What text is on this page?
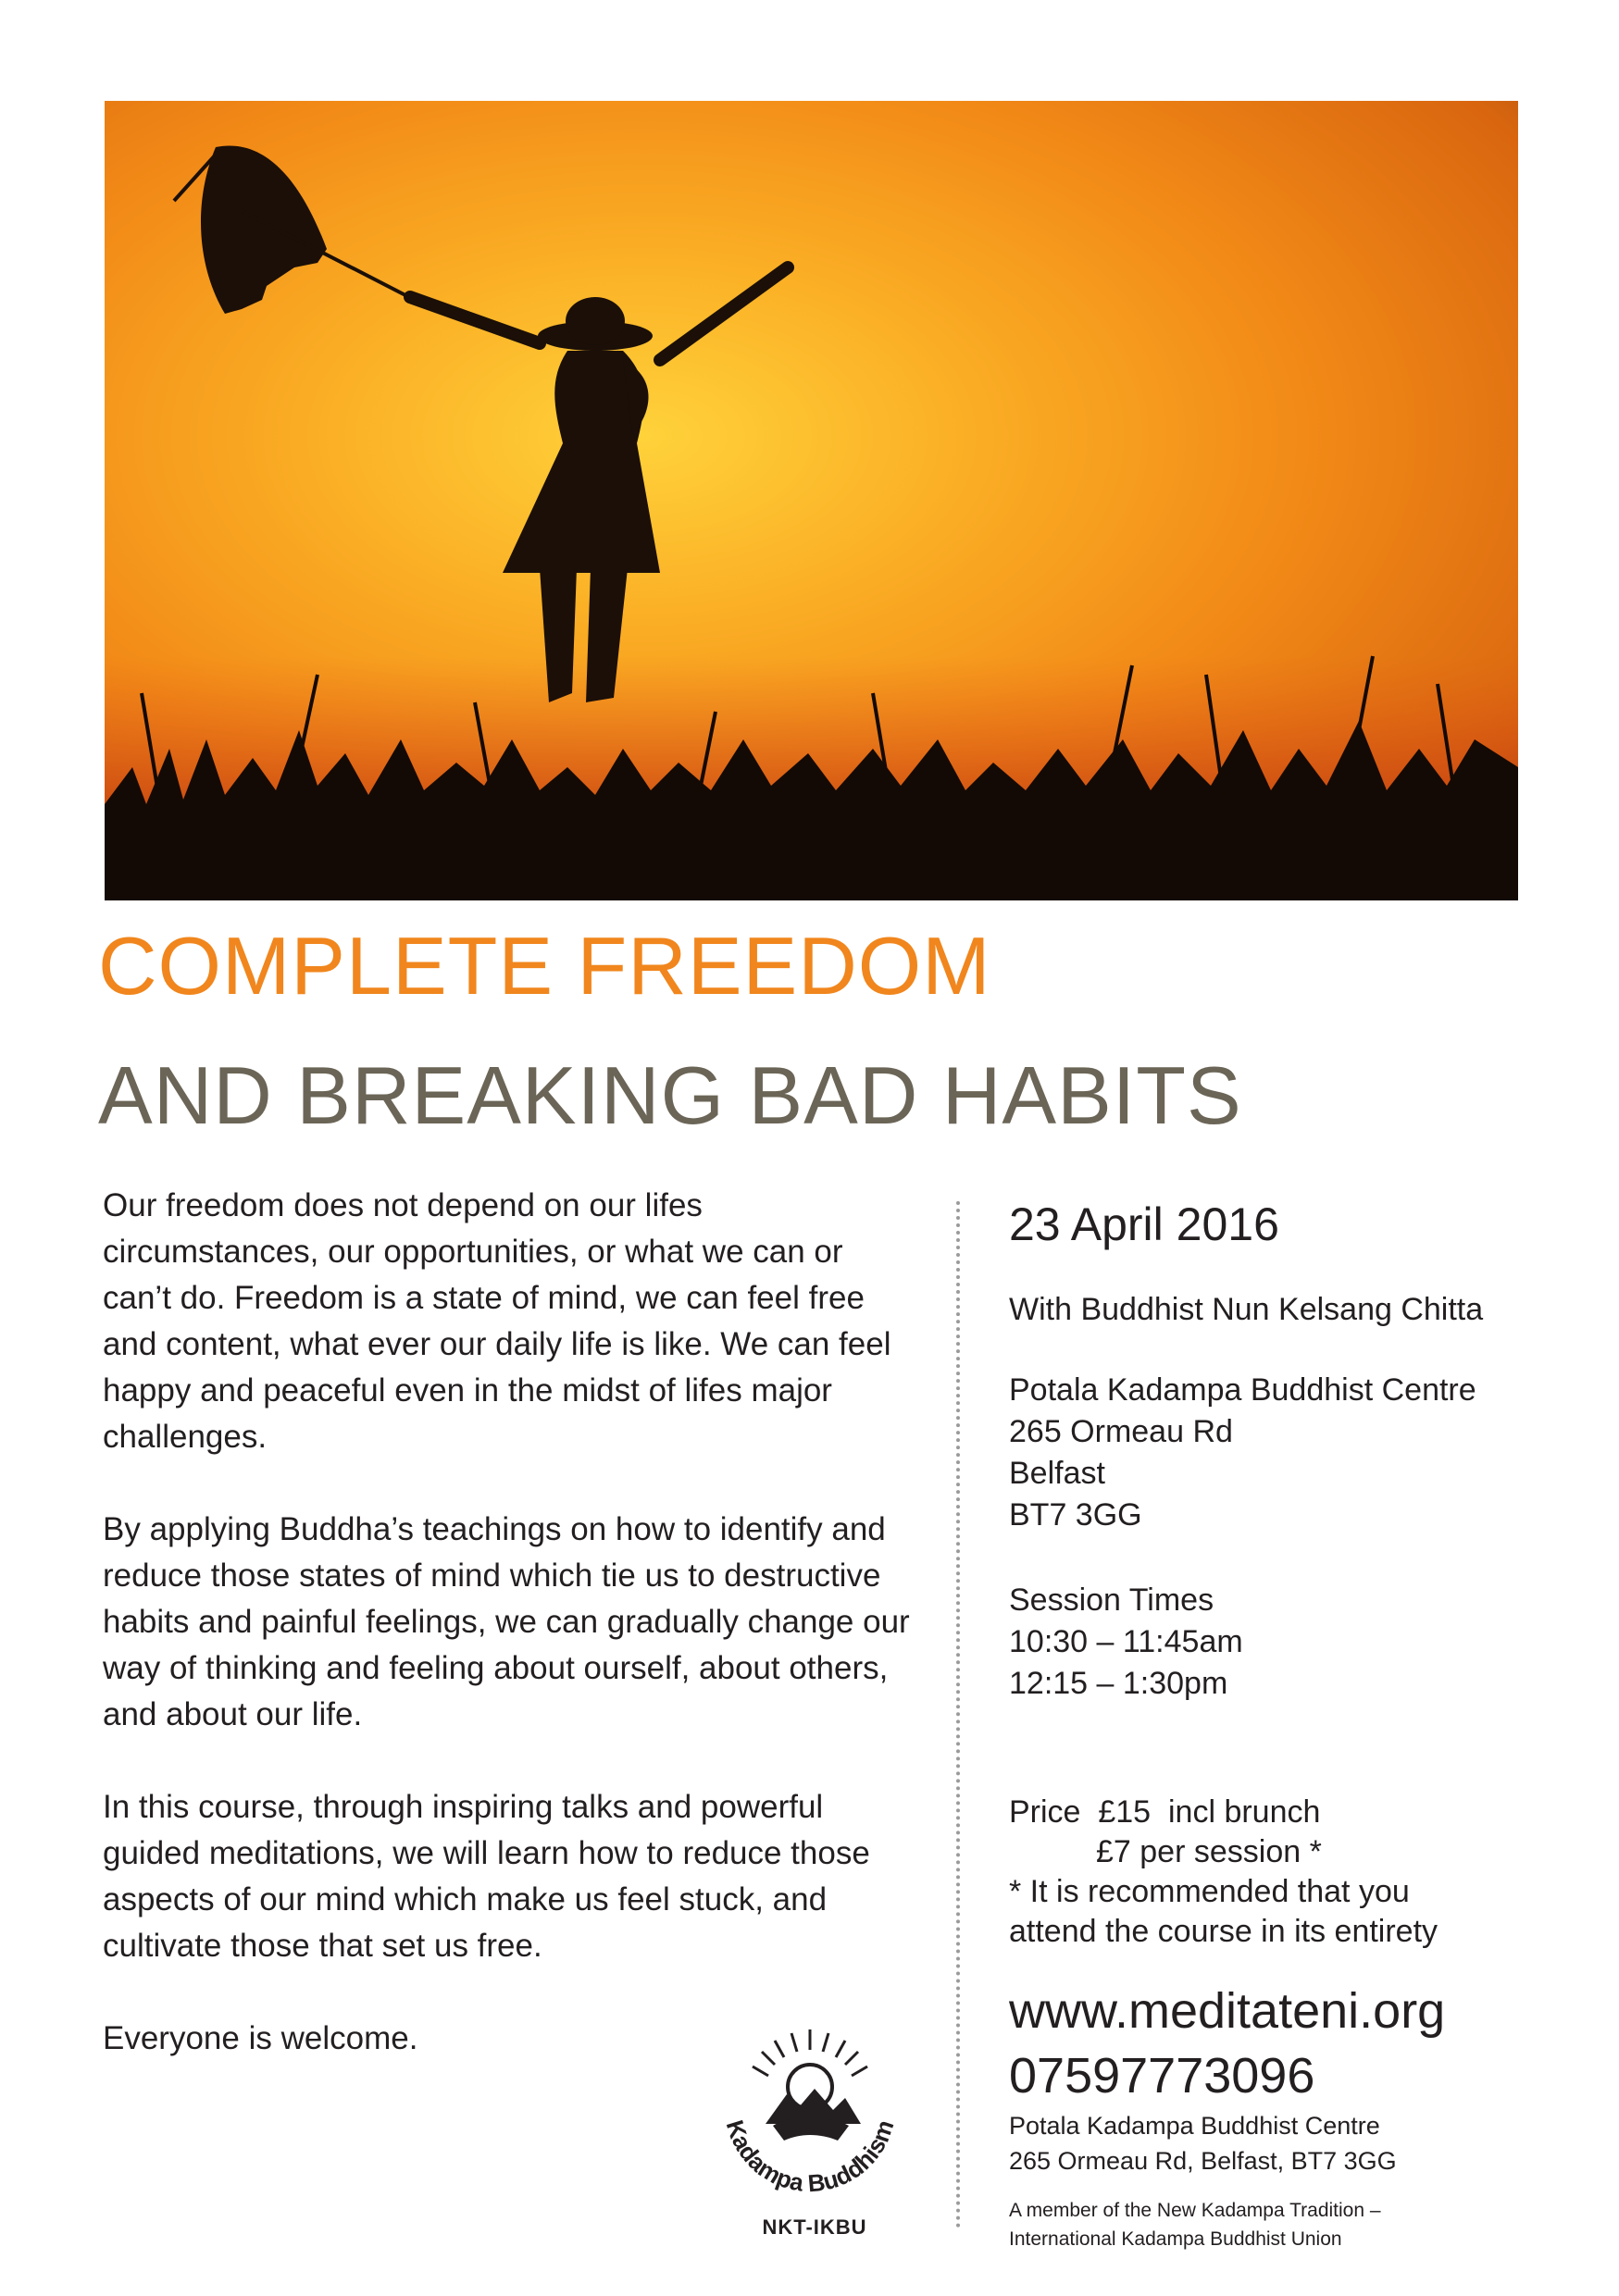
COMPLETE FREEDOM
AND BREAKING BAD HABITS

Our freedom does not depend on our lifes circumstances, our opportunities, or what we can or can’t do. Freedom is a state of mind, we can feel free and content, what ever our daily life is like. We can feel happy and peaceful even in the midst of lifes major challenges.

By applying Buddha’s teachings on how to identify and reduce those states of mind which tie us to destructive habits and painful feelings, we can gradually change our way of thinking and feeling about ourself, about others, and about our life.

In this course, through inspiring talks and powerful guided meditations, we will learn how to reduce those aspects of our mind which make us feel stuck, and cultivate those that set us free.

Everyone is welcome.

23 April 2016
With Buddhist Nun Kelsang Chitta
Potala Kadampa Buddhist Centre
265 Ormeau Rd
Belfast
BT7 3GG
Session Times
10:30 – 11:45am
12:15 – 1:30pm
Price  £15  incl brunch
£7 per session *
* It is recommended that you
attend the course in its entirety
www.meditateni.org
07597773096
Potala Kadampa Buddhist Centre
265 Ormeau Rd, Belfast, BT7 3GG
A member of the New Kadampa Tradition –
International Kadampa Buddhist Union
Kadampa Buddhism
NKT-IKBU
